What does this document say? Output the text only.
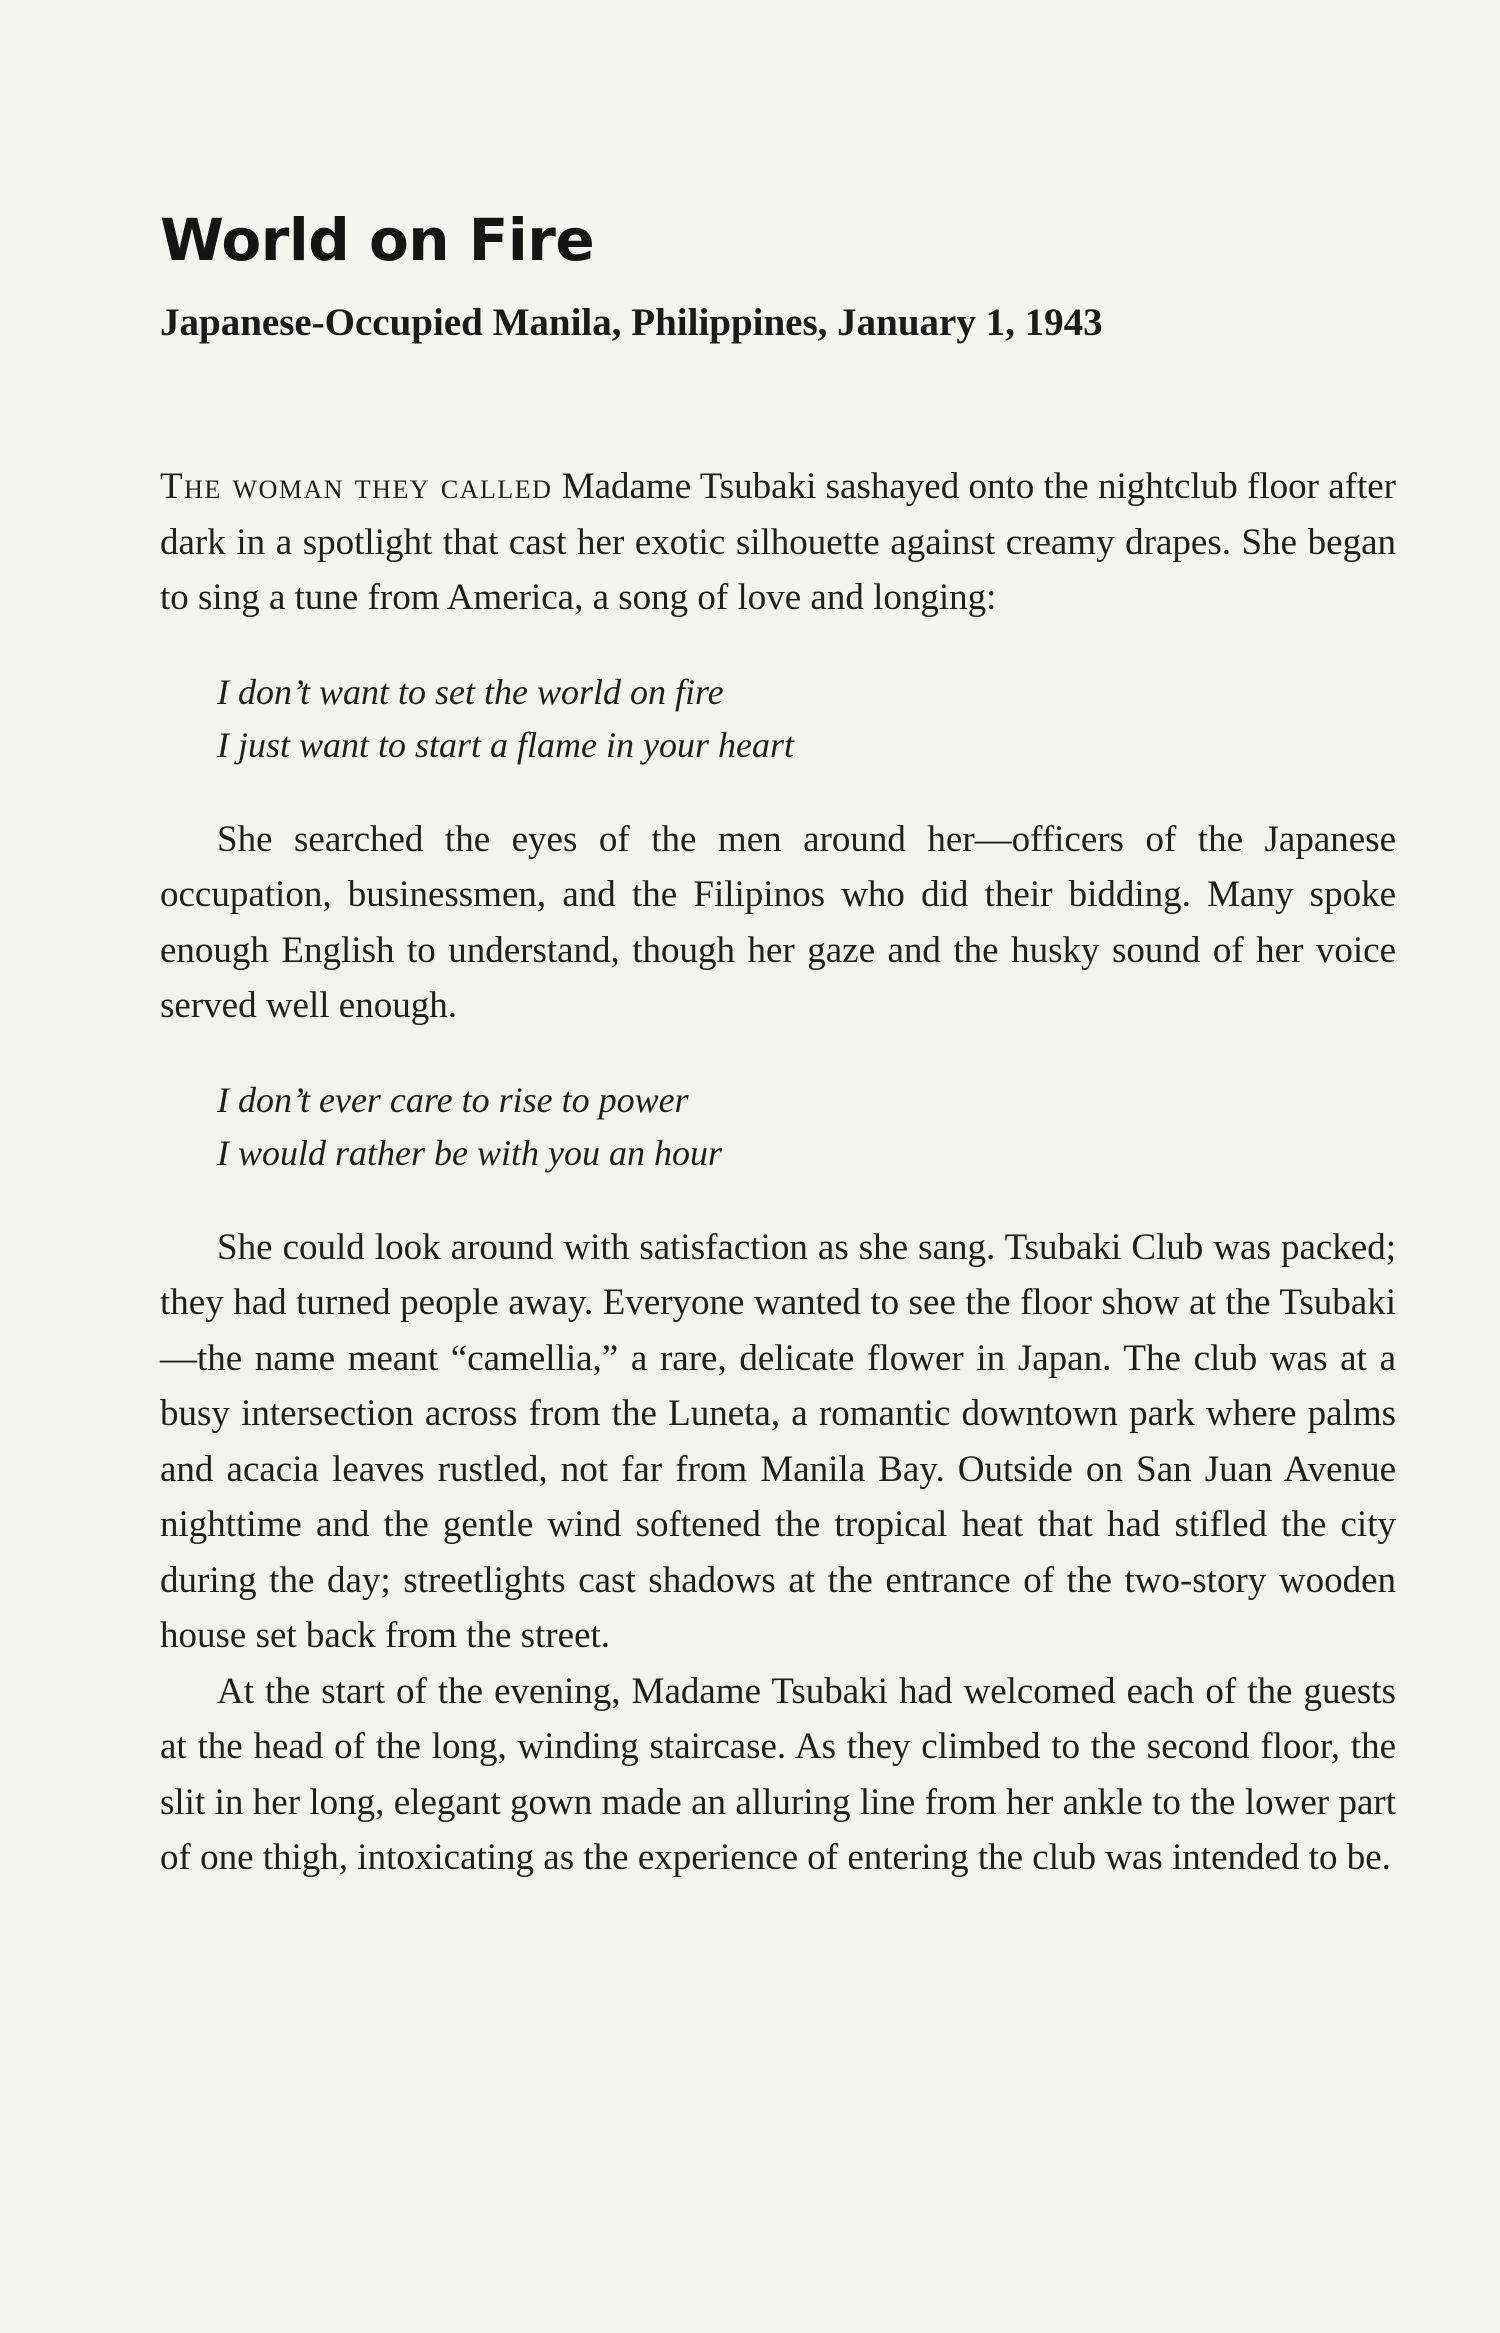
World on Fire
Japanese-Occupied Manila, Philippines, January 1, 1943

The woman they called Madame Tsubaki sashayed onto the nightclub floor after dark in a spotlight that cast her exotic silhouette against creamy drapes. She began to sing a tune from America, a song of love and longing:

I don’t want to set the world on fire
I just want to start a flame in your heart

She searched the eyes of the men around her—officers of the Japanese occupation, businessmen, and the Filipinos who did their bidding. Many spoke enough English to understand, though her gaze and the husky sound of her voice served well enough.

I don’t ever care to rise to power
I would rather be with you an hour

She could look around with satisfaction as she sang. Tsubaki Club was packed; they had turned people away. Everyone wanted to see the floor show at the Tsubaki—the name meant “camellia,” a rare, delicate flower in Japan. The club was at a busy intersection across from the Luneta, a romantic downtown park where palms and acacia leaves rustled, not far from Manila Bay. Outside on San Juan Avenue nighttime and the gentle wind softened the tropical heat that had stifled the city during the day; streetlights cast shadows at the entrance of the two-story wooden house set back from the street.

At the start of the evening, Madame Tsubaki had welcomed each of the guests at the head of the long, winding staircase. As they climbed to the second floor, the slit in her long, elegant gown made an alluring line from her ankle to the lower part of one thigh, intoxicating as the experience of entering the club was intended to be.
